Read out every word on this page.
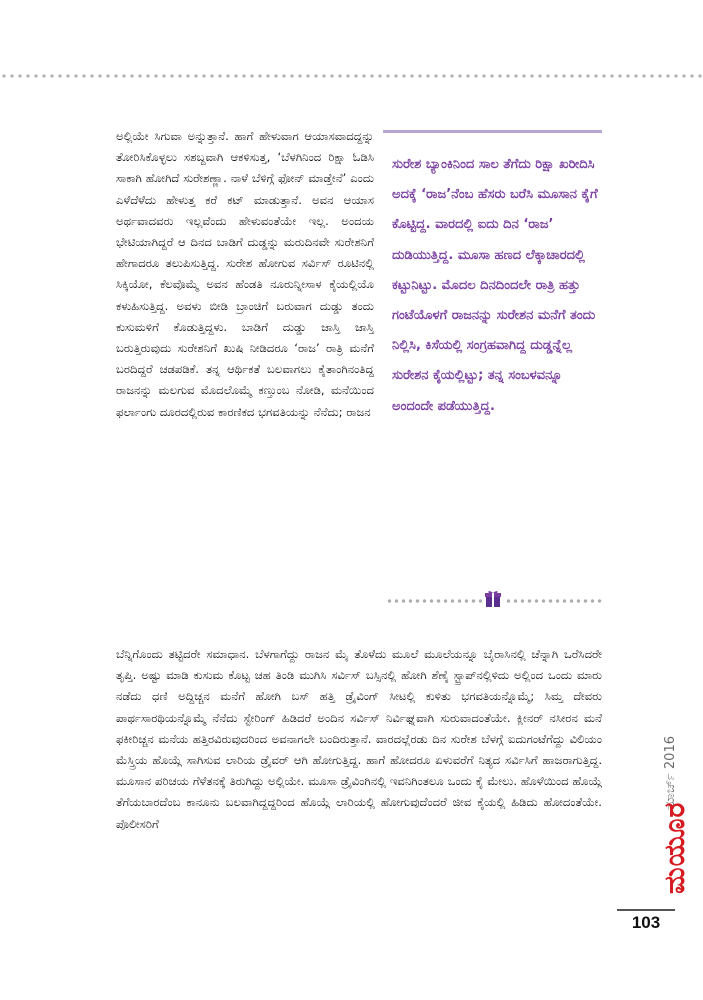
ಅಲ್ಲಿಯೇ ಸಿಗುವಾ ಅನ್ನುತ್ತಾನೆ. ಹಾಗೆ ಹೇಳುವಾಗ ಆಯಾಸವಾದದ್ದನ್ನು ತೋರಿಸಿಕೊಳ್ಳಲು ಸಶಬ್ದವಾಗಿ ಆಕಳಿಸುತ್ತ, ‘ಬೆಳಗಿನಿಂದ ರಿಕ್ಷಾ ಓಡಿಸಿ ಸಾಕಾಗಿ ಹೋಗಿದೆ ಸುರೇಶಣ್ಣಾ. ನಾಳೆ ಬೆಳಿಗ್ಗೆ ಫೋನ್ ಮಾಡ್ತೇನೆ’ ಎಂದು ಎಳೆದೆಳೆದು ಹೇಳುತ್ತ ಕರೆ ಕಟ್ ಮಾಡುತ್ತಾನೆ. ಅವನ ಆಯಾಸ ಅರ್ಥವಾದವರು ಇಲ್ಲವೆಂದು ಹೇಳುವಂತೆಯೇ ಇಲ್ಲ. ಅಂದಯ ಭೇಟಿಯಾಗಿದ್ದರೆ ಆ ದಿನದ ಬಾಡಿಗೆ ದುಡ್ಡನ್ನು ಮರುದಿನವೇ ಸುರೇಶನಿಗೆ ಹೇಗಾದರೂ ತಲುಪಿಸುತ್ತಿದ್ದ. ಸುರೇಶ ಹೋಗುವ ಸರ್ವಿಸ್ ರೂಟಿನಲ್ಲಿ ಸಿಕ್ಕಿಯೋ, ಕೆಲವೊಮ್ಮೆ ಅವನ ಹೆಂಡತಿ ನೂರುನ್ನೀಸಾಳ ಕೈಯಲ್ಲಿಯೊ ಕಳುಹಿಸುತ್ತಿದ್ದ. ಅವಳು ಬೀಡಿ ಬ್ರಾಂಚಿಗೆ ಬರುವಾಗ ದುಡ್ಡು ತಂದು ಕುಸುಮಳಿಗೆ ಕೊಡುತ್ತಿದ್ದಳು. ಬಾಡಿಗೆ ದುಡ್ಡು ಜಾಸ್ತಿ ಜಾಸ್ತಿ ಬರುತ್ತಿರುವುದು ಸುರೇಶನಿಗೆ ಖುಷಿ ನೀಡಿದರೂ ‘ರಾಜ’ ರಾತ್ರಿ ಮನೆಗೆ ಬರದಿದ್ದರೆ ಚಡಪಡಿಕೆ. ತನ್ನ ಆರ್ಥಿಕತೆ ಬಲವಾಗಲು ಕೈತಾಂಗಿನಂತಿದ್ದ ರಾಜನನ್ನು ಮಲಗುವ ಮೊದಲೊಮ್ಮೆ ಕಣ್ತುಂಬ ನೋಡಿ, ಮನೆಯಿಂದ ಫರ್ಲಾಂಗು ದೂರದಲ್ಲಿರುವ ಕಾರಣಿಕದ ಭಗವತಿಯನ್ನು ನೆನೆದು; ರಾಜನ

ಸುರೇಶ ಬ್ಯಾಂಕಿನಿಂದ ಸಾಲ ತೆಗೆದು ರಿಕ್ಷಾ ಖರೀದಿಸಿ ಅದಕ್ಕೆ ‘ರಾಜ’ನೆಂಬ ಹೆಸರು ಬರೆಸಿ ಮೂಸಾನ ಕೈಗೆ ಕೊಟ್ಟಿದ್ದ. ವಾರದಲ್ಲಿ ಐದು ದಿನ ‘ರಾಜ’ ದುಡಿಯುತ್ತಿದ್ದ. ಮೂಸಾ ಹಣದ ಲೆಕ್ಕಾಚಾರದಲ್ಲಿ ಕಟ್ಟುನಿಟ್ಟು. ಮೊದಲ ದಿನದಿಂದಲೇ ರಾತ್ರಿ ಹತ್ತು ಗಂಟೆಯೊಳಗೆ ರಾಜನನ್ನು ಸುರೇಶನ ಮನೆಗೆ ತಂದು ನಿಲ್ಲಿಸಿ, ಕಿಸೆಯಲ್ಲಿ ಸಂಗ್ರಹವಾಗಿದ್ದ ದುಡ್ಡನ್ನೆಲ್ಲ ಸುರೇಶನ ಕೈಯಲ್ಲಿಟ್ಟು; ತನ್ನ ಸಂಬಳವನ್ನೂ ಅಂದಂದೇ ಪಡೆಯುತ್ತಿದ್ದ.

ಬೆನ್ನಿಗೊಂದು ತಟ್ಟಿದರೇ ಸಮಾಧಾನ. ಬೆಳಗಾಗೆದ್ದು ರಾಜನ ಮೈ ತೊಳೆದು ಮೂಲೆ ಮೂಲೆಯನ್ನೂ ಬೈರಾಸಿನಲ್ಲಿ ಚೆನ್ನಾಗಿ ಒರೆಸಿದರೇ ತೃಪ್ತಿ. ಅಷ್ಟು ಮಾಡಿ ಕುಸುಮ ಕೊಟ್ಟ ಚಹ ತಿಂಡಿ ಮುಗಿಸಿ ಸರ್ವಿಸ್ ಬಸ್ಸಿನಲ್ಲಿ ಹೋಗಿ ಶೆಣೈ ಸ್ಟ್ರಾಪ್‌ನಲ್ಲಿಳಿದು ಅಲ್ಲಿಂದ ಒಂದು ಮಾರು ನಡೆದು ಧಣಿ ಅದ್ದಿಚ್ಚನ ಮನೆಗೆ ಹೋಗಿ ಬಸ್ ಹತ್ತಿ ಡ್ರೈವಿಂಗ್ ಸೀಟಲ್ಲಿ ಕುಳಿತು ಭಗವತಿಯನ್ನೊಮ್ಮೆ; ಸಿಮ್ತ ದೇವರು ಪಾರ್ಥಸಾರಥಿಯನ್ನೊಮ್ಮೆ ನೆನೆದು ಸ್ಟೇರಿಂಗ್ ಹಿಡಿದರೆ ಅಂದಿನ ಸರ್ವಿಸ್ ನಿರ್ವಿಘ್ನವಾಗಿ ಸುರುವಾದಂತೆಯೇ. ಕ್ಲೀನರ್ ನಸೀರನ ಮನೆ ಫಕೀರಿಚ್ಚನ ಮನೆಯ ಹತ್ತಿರವಿರುವುದರಿಂದ ಅವನಾಗಲೇ ಬಂದಿರುತ್ತಾನೆ. ವಾರದಲ್ಲೆರಡು ದಿನ ಸುರೇಶ ಬೆಳಗ್ಗೆ ಐದುಗಂಟೆಗೆದ್ದು ವಿಲಿಯಂ ಮೆಸ್ತ್ರಿಯ ಹೊಯ್ಗೆ ಸಾಗಿಸುವ ಲಾರಿಯ ಡ್ರೈವರ್ ಆಗಿ ಹೋಗುತ್ತಿದ್ದ. ಹಾಗೆ ಹೋದರೂ ಏಳುವರೆಗೆ ನಿತ್ಯದ ಸರ್ವಿಸಿಗೆ ಹಾಜರಾಗುತ್ತಿದ್ದ. ಮೂಸಾನ ಪರಿಚಯ ಗೆಳೆತನಕ್ಕೆ ತಿರುಗಿದ್ದು ಅಲ್ಲಿಯೇ. ಮೂಸಾ ಡ್ರೈವಿಂಗಿನಲ್ಲಿ ಇವನಿಗಿಂತಲೂ ಒಂದು ಕೈ ಮೇಲು. ಹೊಳೆಯಿಂದ ಹೊಯ್ಗೆ ತೆಗೆಯಬಾರದೆಂಬ ಕಾನೂನು ಬಲವಾಗಿದ್ದದ್ದರಿಂದ ಹೊಯ್ಗೆ ಲಾರಿಯಲ್ಲಿ ಹೋಗುವುದೆಂದರೆ ಜೀವ ಕೈಯಲ್ಲಿ ಹಿಡಿದು ಹೋದಂತೆಯೇ. ಪೊಲೀಸರಿಗೆ

ಮಾರ್ಚ್ 2016
ಮಯೂರ
103
